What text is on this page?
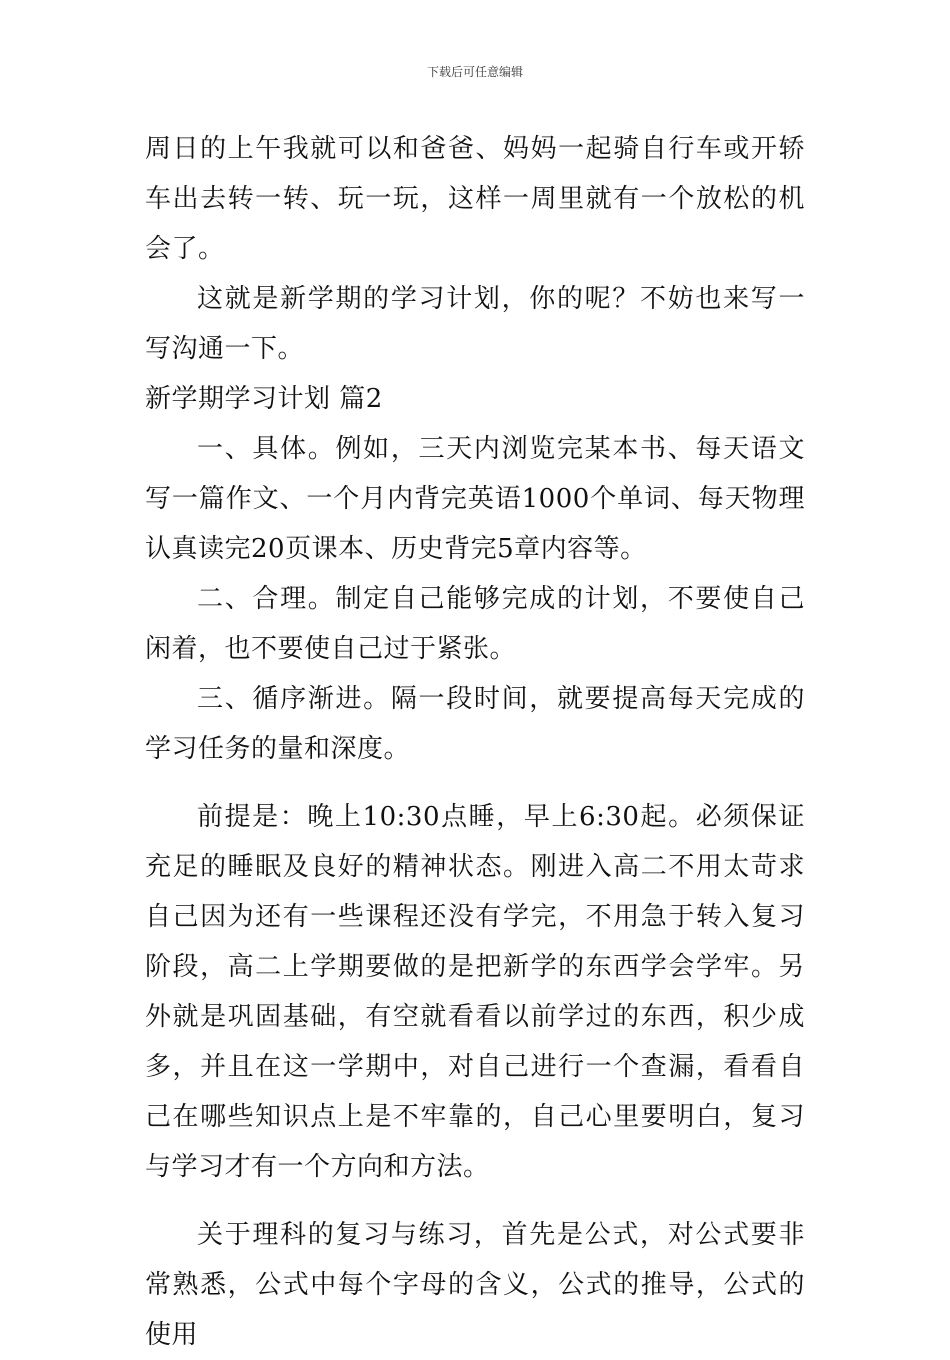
下载后可任意编辑

周日的上午我就可以和爸爸、妈妈一起骑自行车或开轿车出去转一转、玩一玩，这样一周里就有一个放松的机会了。

这就是新学期的学习计划，你的呢？不妨也来写一写沟通一下。

新学期学习计划 篇2

一、具体。例如，三天内浏览完某本书、每天语文写一篇作文、一个月内背完英语1000个单词、每天物理认真读完20页课本、历史背完5章内容等。

二、合理。制定自己能够完成的计划，不要使自己闲着，也不要使自己过于紧张。

三、循序渐进。隔一段时间，就要提高每天完成的学习任务的量和深度。

前提是：晚上10:30点睡，早上6:30起。必须保证充足的睡眠及良好的精神状态。刚进入高二不用太苛求自己因为还有一些课程还没有学完，不用急于转入复习阶段，高二上学期要做的是把新学的东西学会学牢。另外就是巩固基础，有空就看看以前学过的东西，积少成多，并且在这一学期中，对自己进行一个查漏，看看自己在哪些知识点上是不牢靠的，自己心里要明白，复习与学习才有一个方向和方法。

关于理科的复习与练习，首先是公式，对公式要非常熟悉，公式中每个字母的含义，公式的推导，公式的使用
